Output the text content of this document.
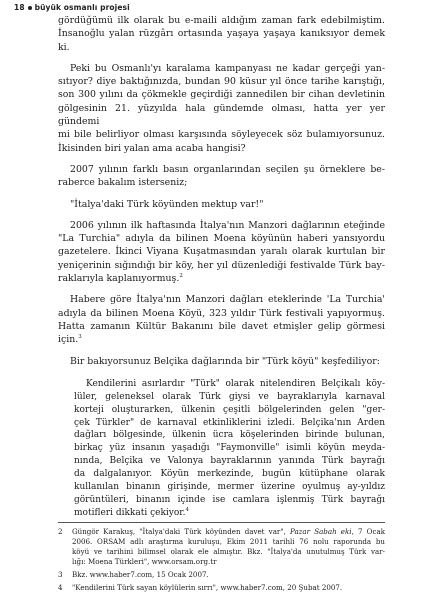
18 büyük osmanlı projesi

gördüğümü ilk olarak bu e-maili aldığım zaman fark edebilmiştim.
İnsanoğlu yalan rüzgârı ortasında yaşaya yaşaya kanıksıyor demek ki.

Peki bu Osmanlı'yı karalama kampanyası ne kadar gerçeği yan-
sıtıyor? diye baktığınızda, bundan 90 küsur yıl önce tarihe karıştığı,
son 300 yılını da çökmekle geçirdiği zannedilen bir cihan devletinin
gölgesinin 21. yüzyılda hala gündemde olması, hatta yer yer gündemi
mi bile belirliyor olması karşısında söyleyecek söz bulamıyorsunuz.
İkisinden biri yalan ama acaba hangisi?

2007 yılının farklı basın organlarından seçilen şu örneklere be-
raberce bakalım isterseniz;

"İtalya'daki Türk köyünden mektup var!"

2006 yılının ilk haftasında İtalya'nın Manzori dağlarının eteğinde
"La Turchia" adıyla da bilinen Moena köyünün haberi yansıyordu
gazetelere. İkinci Viyana Kuşatmasından yaralı olarak kurtulan bir
yeniçerinin sığındığı bir köy, her yıl düzenlediği festivalde Türk bay-
raklarıyla kaplanıyormuş.$^2$

Habere göre İtalya'nın Manzori dağları eteklerinde 'La Turchia'
adıyla da bilinen Moena Köyü, 323 yıldır Türk festivali yapıyormuş.
Hatta zamanın Kültür Bakanını bile davet etmişler gelip görmesi için.$^3$

Bir bakıyorsunuz Belçika dağlarında bir "Türk köyü" keşfediliyor:

Kendilerini asırlardır "Türk" olarak nitelendiren Belçikalı köy-
lüler, geleneksel olarak Türk giysi ve bayraklarıyla karnaval
korteji oluşturarken, ülkenin çeşitli bölgelerinden gelen "ger-
çek Türkler" de karnaval etkinliklerini izledi. Belçika'nın Arden
dağları bölgesinde, ülkenin ücra köşelerinden birinde bulunan,
birkaç yüz insanın yaşadığı "Faymonville" isimli köyün meyda-
nında, Belçika ve Valonya bayraklarının yanında Türk bayrağı
da dalgalanıyor. Köyün merkezinde, bugün kütüphane olarak
kullanılan binanın girişinde, mermer üzerine oyulmuş ay-yıldız
görüntüleri, binanın içinde ise camlara işlenmiş Türk bayrağı
motifleri dikkati çekiyor.$^4$

2	Güngör Karakuş, "İtalya'daki Türk köyünden davet var", Pazar Sabah eki, 7 Ocak
2006. ORSAM adlı araştırma kuruluşu, Ekim 2011 tarihli 76 nolu raporunda bu
köyü ve tarihini bilimsel olarak ele almıştır. Bkz. "İtalya'da unutulmuş Türk var-
lığı: Moena Türkleri", www.orsam.org.tr
3	Bkz. www.haber7.com, 15 Ocak 2007.
4	"Kendilerini Türk sayan köylülerin sırrı", www.haber7.com, 20 Şubat 2007.
